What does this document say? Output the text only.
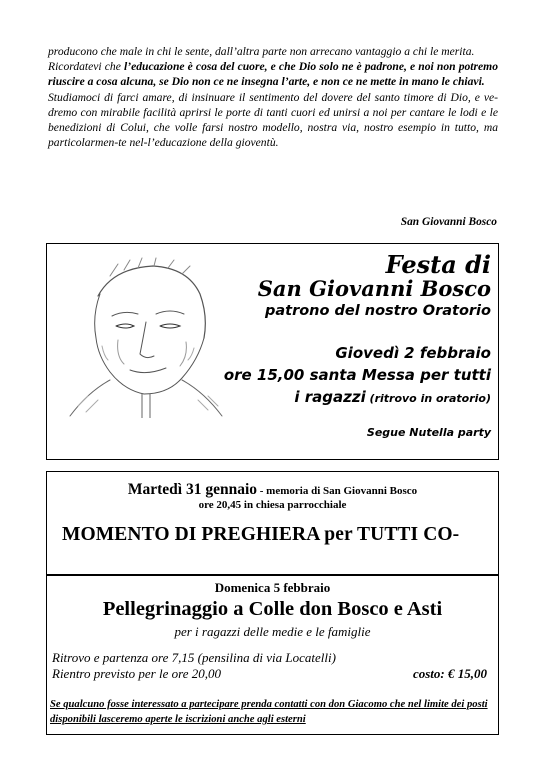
producono che male in chi le sente, dall’altra parte non arrecano vantaggio a chi le merita.

Ricordatevi che l’educazione è cosa del cuore, e che Dio solo ne è padrone, e noi non potremo riuscire a cosa alcuna, se Dio non ce ne insegna l’arte, e non ce ne mette in mano le chiavi.

Studiamoci di farci amare, di insinuare il sentimento del dovere del santo timore di Dio, e ve-dremo con mirabile facilità aprirsi le porte di tanti cuori ed unirsi a noi per cantare le lodi e le benedizioni di Colui, che volle farsi nostro modello, nostra via, nostro esempio in tutto, ma particolarmen-te nel-l’educazione della gioventù.

San Giovanni Bosco
Festa di
San Giovanni Bosco
patrono del nostro Oratorio
Giovedì 2 febbraio
ore 15,00 santa Messa per tutti
i ragazzi (ritrovo in oratorio)
Segue Nutella party
Martedì 31 gennaio - memoria di San Giovanni Bosco
ore 20,45 in chiesa parrocchiale
MOMENTO DI PREGHIERA per TUTTI CO-
Domenica 5 febbraio
Pellegrinaggio a Colle don Bosco e Asti
per i ragazzi delle medie e le famiglie
Ritrovo e partenza ore 7,15 (pensilina di via Locatelli)
Rientro previsto per le ore 20,00	costo: € 15,00
Se qualcuno fosse interessato a partecipare prenda contatti con don Giacomo che nel limite dei posti disponibili lasceremo aperte le iscrizioni anche agli esterni
